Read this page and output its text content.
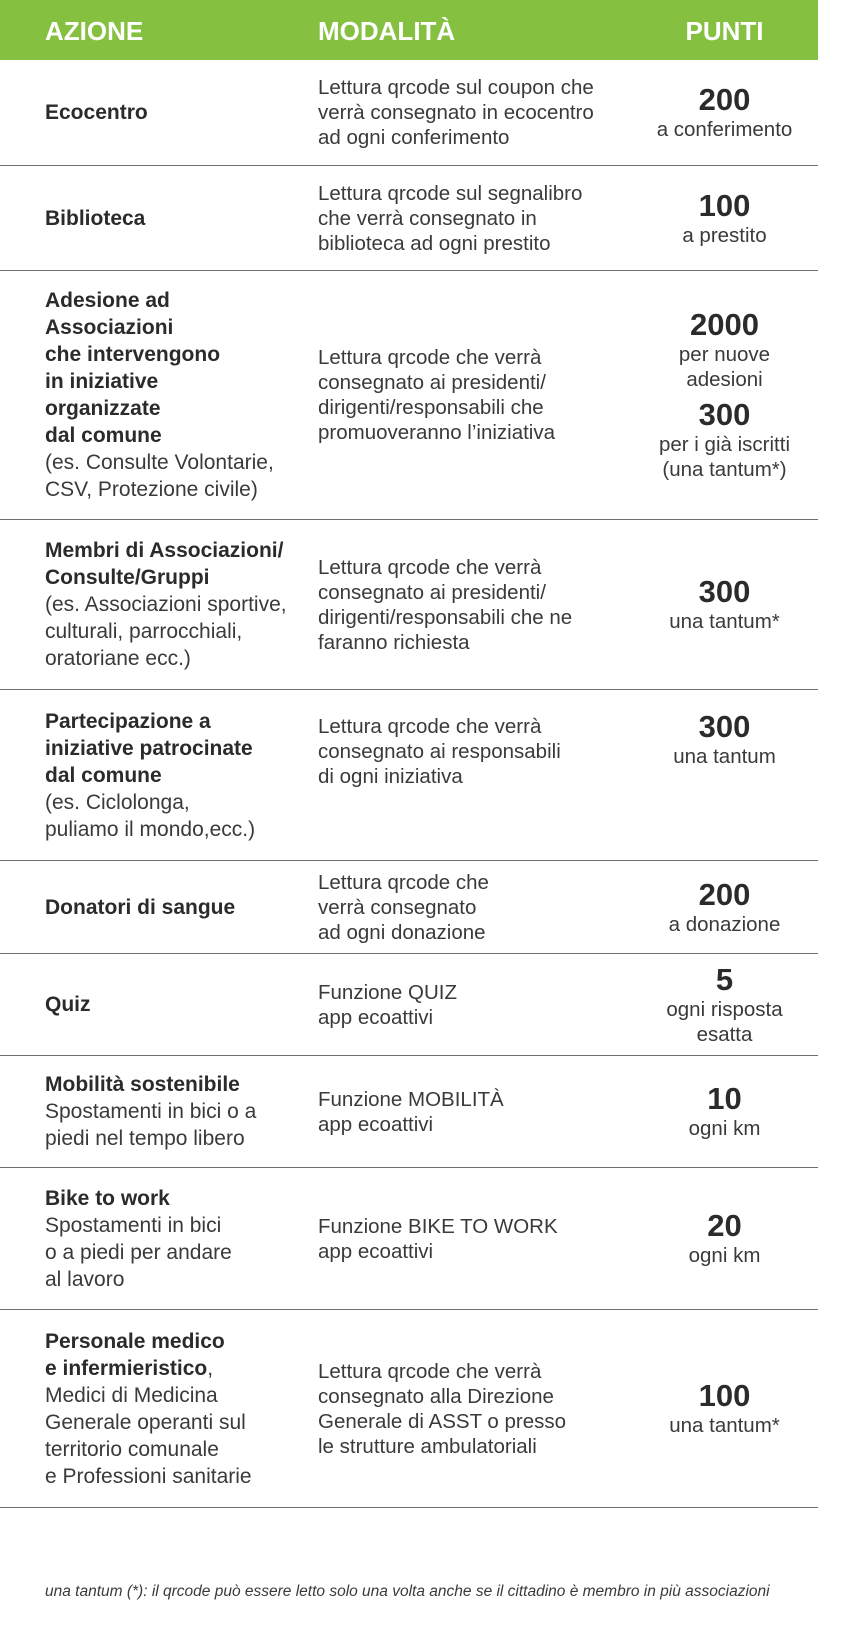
AZIONE	MODALITÀ	PUNTI
Ecocentro
Lettura qrcode sul coupon che
verrà consegnato in ecocentro
ad ogni conferimento
200
a conferimento
Biblioteca
Lettura qrcode sul segnalibro
che verrà consegnato in
biblioteca ad ogni prestito
100
a prestito
Adesione ad
Associazioni
che intervengono
in iniziative
organizzate
dal comune
(es. Consulte Volontarie,
CSV, Protezione civile)
Lettura qrcode che verrà
consegnato ai presidenti/
dirigenti/responsabili che
promuoveranno l’iniziativa
2000
per nuove
adesioni
300
per i già iscritti
(una tantum*)
Membri di Associazioni/
Consulte/Gruppi
(es. Associazioni sportive,
culturali, parrocchiali,
oratoriane ecc.)
Lettura qrcode che verrà
consegnato ai presidenti/
dirigenti/responsabili che ne
faranno richiesta
300
una tantum*
Partecipazione a
iniziative patrocinate
dal comune
(es. Ciclolonga,
puliamo il mondo,ecc.)
Lettura qrcode che verrà
consegnato ai responsabili
di ogni iniziativa
300
una tantum
Donatori di sangue
Lettura qrcode che
verrà consegnato
ad ogni donazione
200
a donazione
Quiz
Funzione QUIZ
app ecoattivi
5
ogni risposta
esatta
Mobilità sostenibile
Spostamenti in bici o a
piedi nel tempo libero
Funzione MOBILITÀ
app ecoattivi
10
ogni km
Bike to work
Spostamenti in bici
o a piedi per andare
al lavoro
Funzione BIKE TO WORK
app ecoattivi
20
ogni km
Personale medico
e infermieristico,
Medici di Medicina
Generale operanti sul
territorio comunale
e Professioni sanitarie
Lettura qrcode che verrà
consegnato alla Direzione
Generale di ASST o presso
le strutture ambulatoriali
100
una tantum*
una tantum (*): il qrcode può essere letto solo una volta anche se il cittadino è membro in più associazioni
